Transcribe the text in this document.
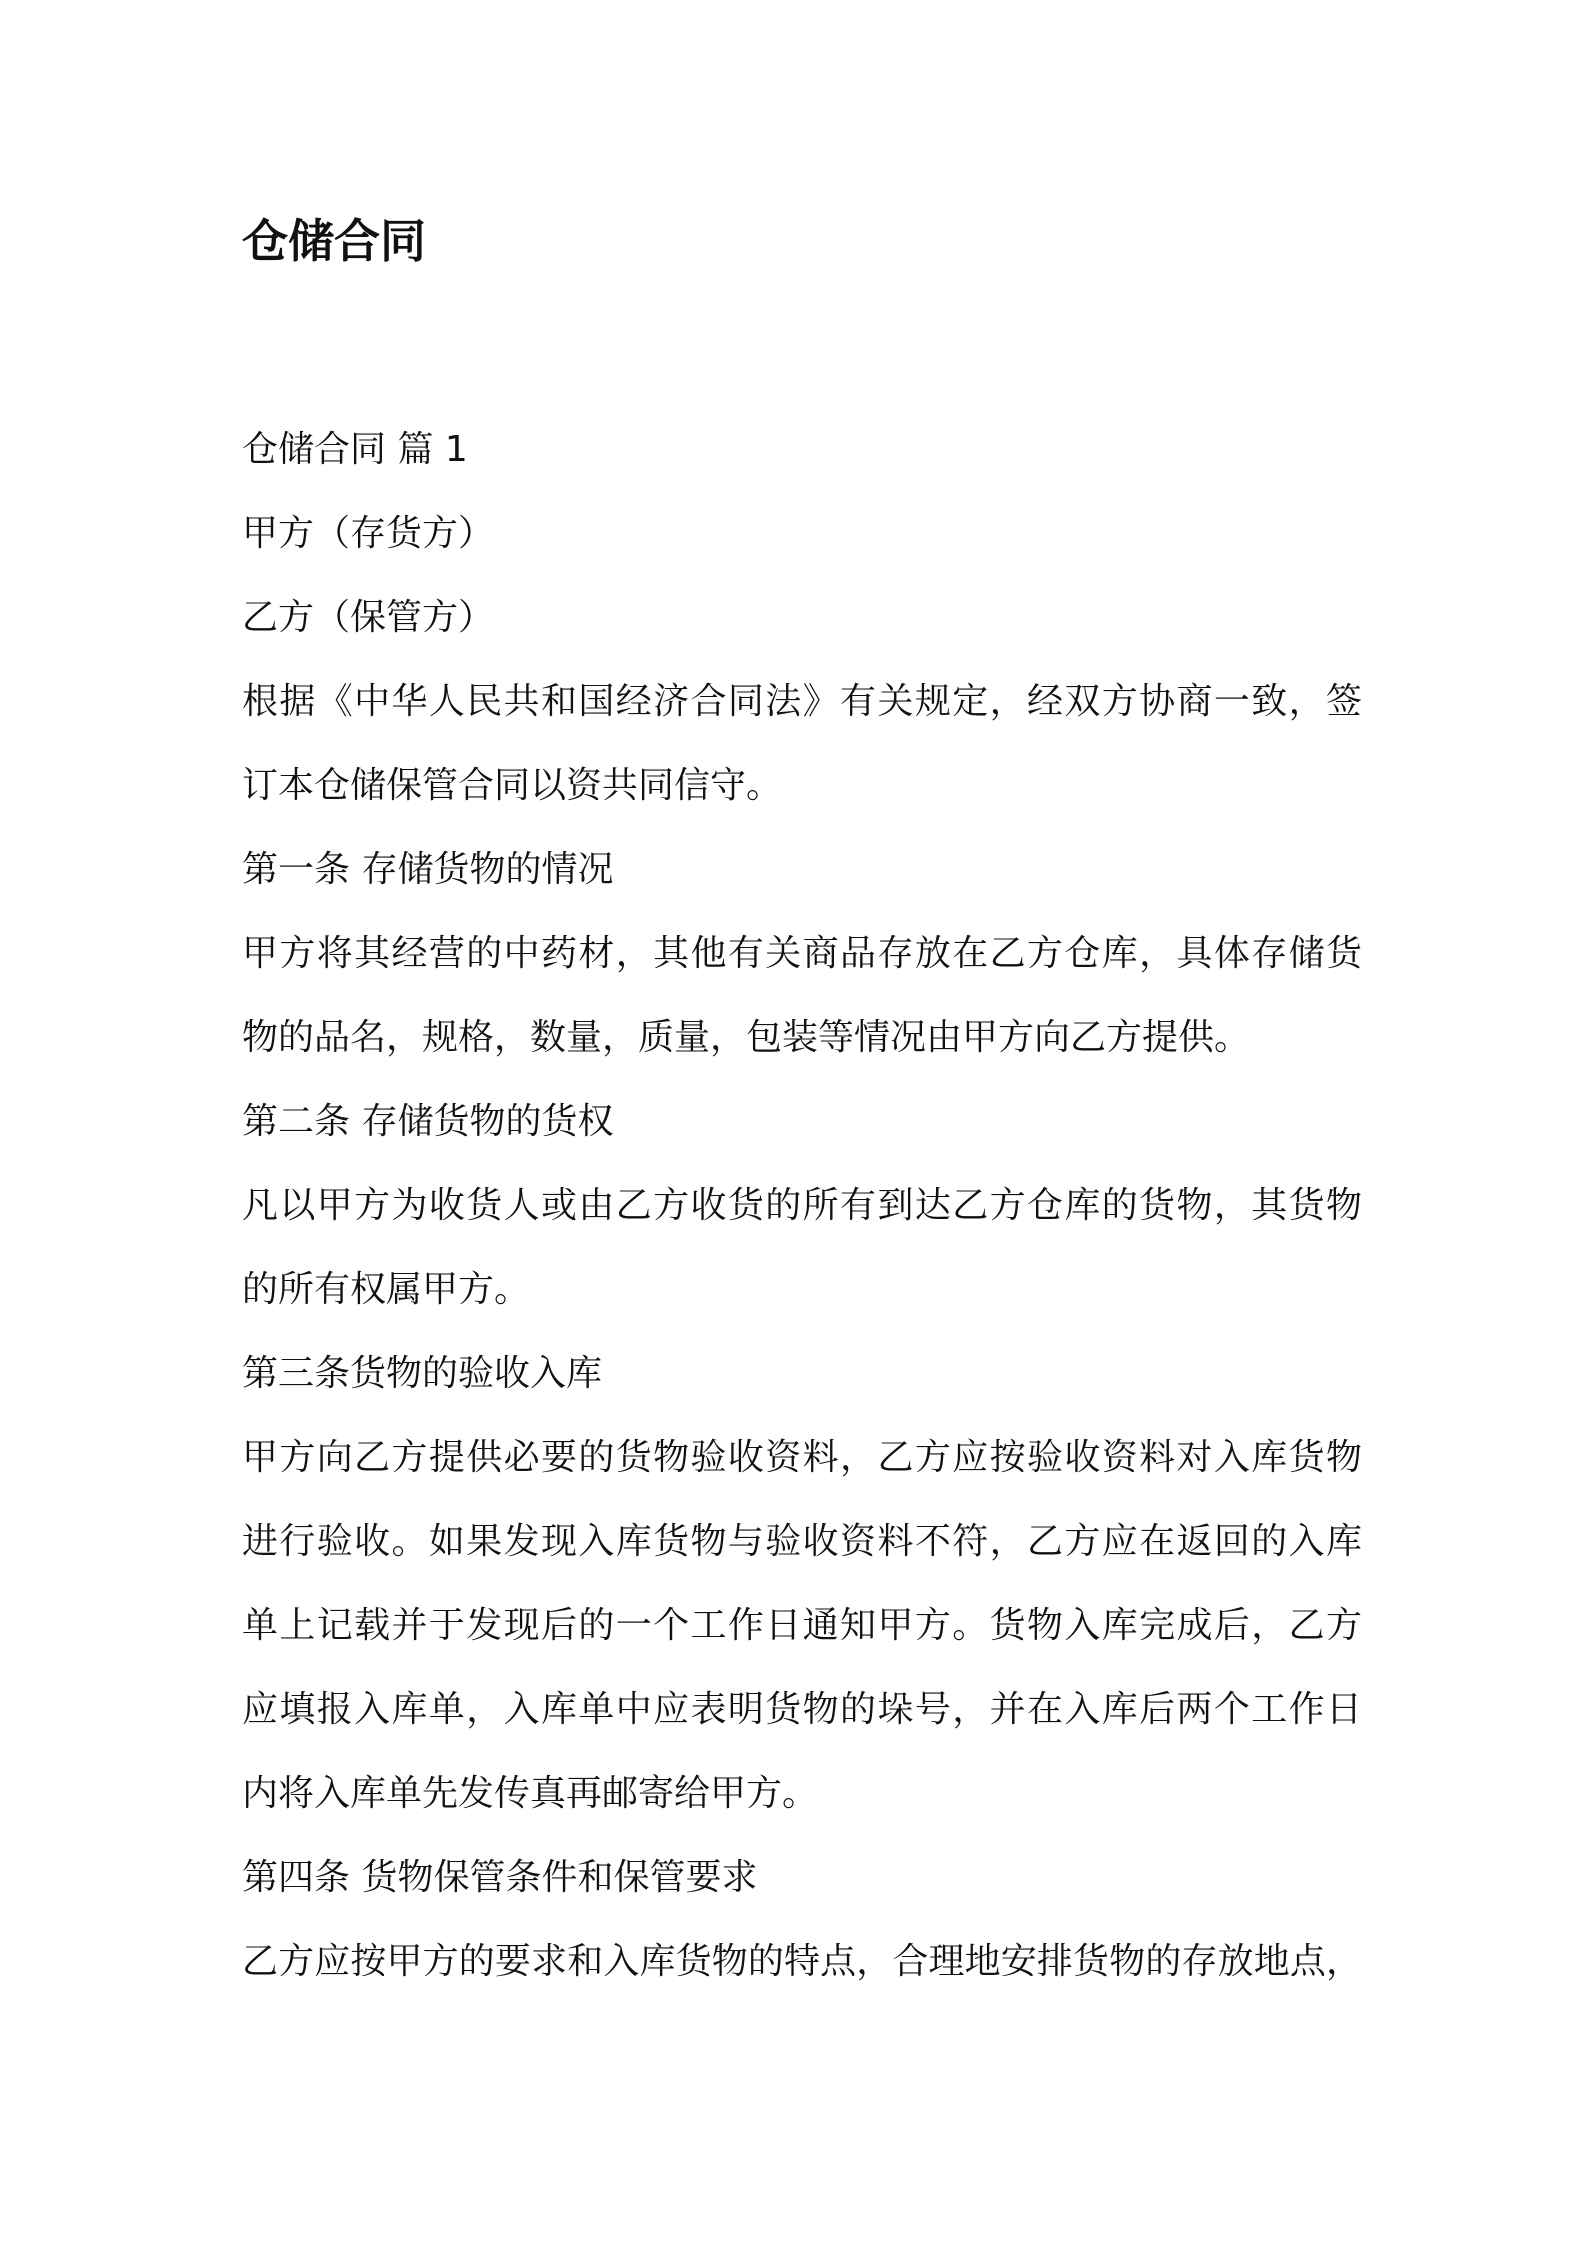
仓储合同
仓储合同 篇 1
甲方（存货方）
乙方（保管方）
根据《中华人民共和国经济合同法》有关规定，经双方协商一致，签
订本仓储保管合同以资共同信守。
第一条 存储货物的情况
甲方将其经营的中药材，其他有关商品存放在乙方仓库，具体存储货
物的品名，规格，数量，质量，包装等情况由甲方向乙方提供。
第二条 存储货物的货权
凡以甲方为收货人或由乙方收货的所有到达乙方仓库的货物，其货物
的所有权属甲方。
第三条货物的验收入库
甲方向乙方提供必要的货物验收资料，乙方应按验收资料对入库货物
进行验收。如果发现入库货物与验收资料不符，乙方应在返回的入库
单上记载并于发现后的一个工作日通知甲方。货物入库完成后，乙方
应填报入库单，入库单中应表明货物的垛号，并在入库后两个工作日
内将入库单先发传真再邮寄给甲方。
第四条 货物保管条件和保管要求
乙方应按甲方的要求和入库货物的特点，合理地安排货物的存放地点，
